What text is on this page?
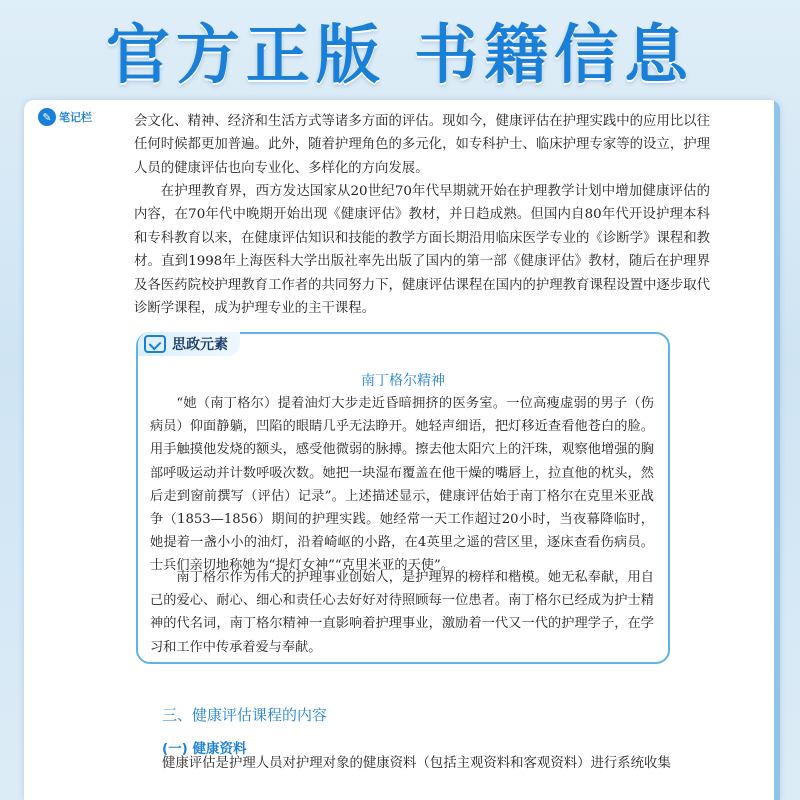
官方正版 书籍信息
✎ 笔记栏	会文化、精神、经济和生活方式等诸多方面的评估。现如今，健康评估在护理实践中的应用比以往任何时候都更加普遍。此外，随着护理角色的多元化，如专科护士、临床护理专家等的设立，护理人员的健康评估也向专业化、多样化的方向发展。

在护理教育界，西方发达国家从20世纪70年代早期就开始在护理教学计划中增加健康评估的内容，在70年代中晚期开始出现《健康评估》教材，并日趋成熟。但国内自80年代开设护理本科和专科教育以来，在健康评估知识和技能的教学方面长期沿用临床医学专业的《诊断学》课程和教材。直到1998年上海医科大学出版社率先出版了国内的第一部《健康评估》教材，随后在护理界及各医药院校护理教育工作者的共同努力下，健康评估课程在国内的护理教育课程设置中逐步取代诊断学课程，成为护理专业的主干课程。

思政元素

南丁格尔精神

“她（南丁格尔）提着油灯大步走近昏暗拥挤的医务室。一位高瘦虚弱的男子（伤病员）仰面静躺，凹陷的眼睛几乎无法睁开。她轻声细语，把灯移近查看他苍白的脸。用手触摸他发烧的额头，感受他微弱的脉搏。擦去他太阳穴上的汗珠，观察他增强的胸部呼吸运动并计数呼吸次数。她把一块湿布覆盖在他干燥的嘴唇上，拉直他的枕头，然后走到窗前撰写（评估）记录”。上述描述显示，健康评估始于南丁格尔在克里米亚战争（1853—1856）期间的护理实践。她经常一天工作超过20小时，当夜幕降临时，她提着一盏小小的油灯，沿着崎岖的小路，在4英里之遥的营区里，逐床查看伤病员。士兵们亲切地称她为“提灯女神”“克里米亚的天使”。

南丁格尔作为伟大的护理事业创始人，是护理界的榜样和楷模。她无私奉献，用自己的爱心、耐心、细心和责任心去好好对待照顾每一位患者。南丁格尔已经成为护士精神的代名词，南丁格尔精神一直影响着护理事业，激励着一代又一代的护理学子，在学习和工作中传承着爱与奉献。

三、健康评估课程的内容
(一) 健康资料

健康评估是护理人员对护理对象的健康资料（包括主观资料和客观资料）进行系统收集
